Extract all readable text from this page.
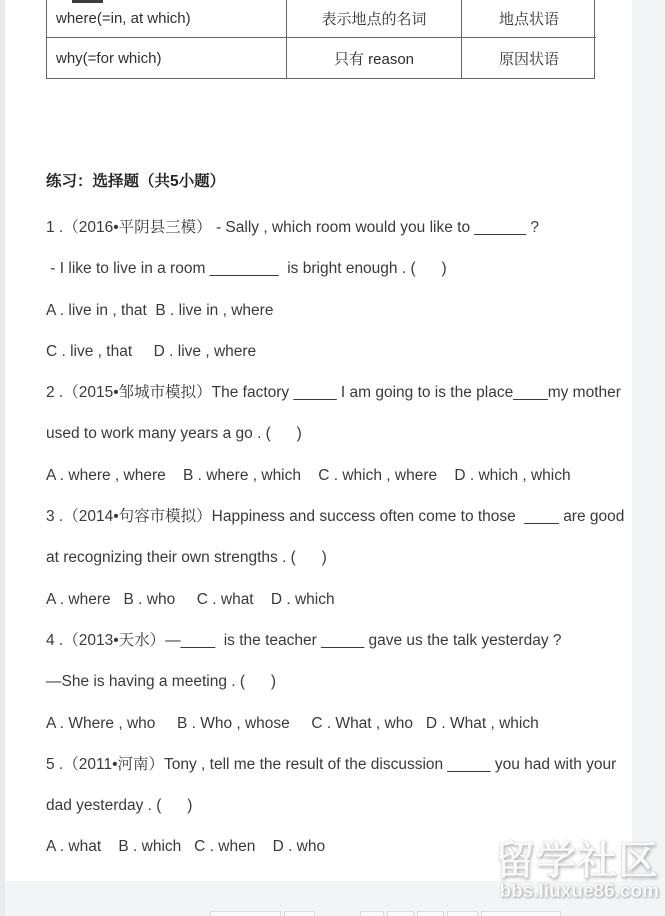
where(=in, at which)	表示地点的名词	地点状语
why(=for which)	只有 reason	原因状语
练习：选择题（共5小题）
1 .（2016•平阴县三模） - Sally , which room would you like to ______ ?
- I like to live in a room ________  is bright enough . (      )
A . live in , that  B . live in , where
C . live , that     D . live , where
2 .（2015•邹城市模拟）The factory _____ I am going to is the place____my mother
used to work many years a go . (      )
A . where , where    B . where , which    C . which , where    D . which , which
3 .（2014•句容市模拟）Happiness and success often come to those  ____ are good
at recognizing their own strengths . (      )
A . where   B . who     C . what    D . which
4 .（2013•天水）—____  is the teacher _____ gave us the talk yesterday ?
—She is having a meeting . (      )
A . Where , who     B . Who , whose     C . What , who   D . What , which
5 .（2011•河南）Tony , tell me the result of the discussion _____ you had with your
dad yesterday . (      )
A . what    B . which   C . when    D . who	留学社区
bbs.liuxue86.com
